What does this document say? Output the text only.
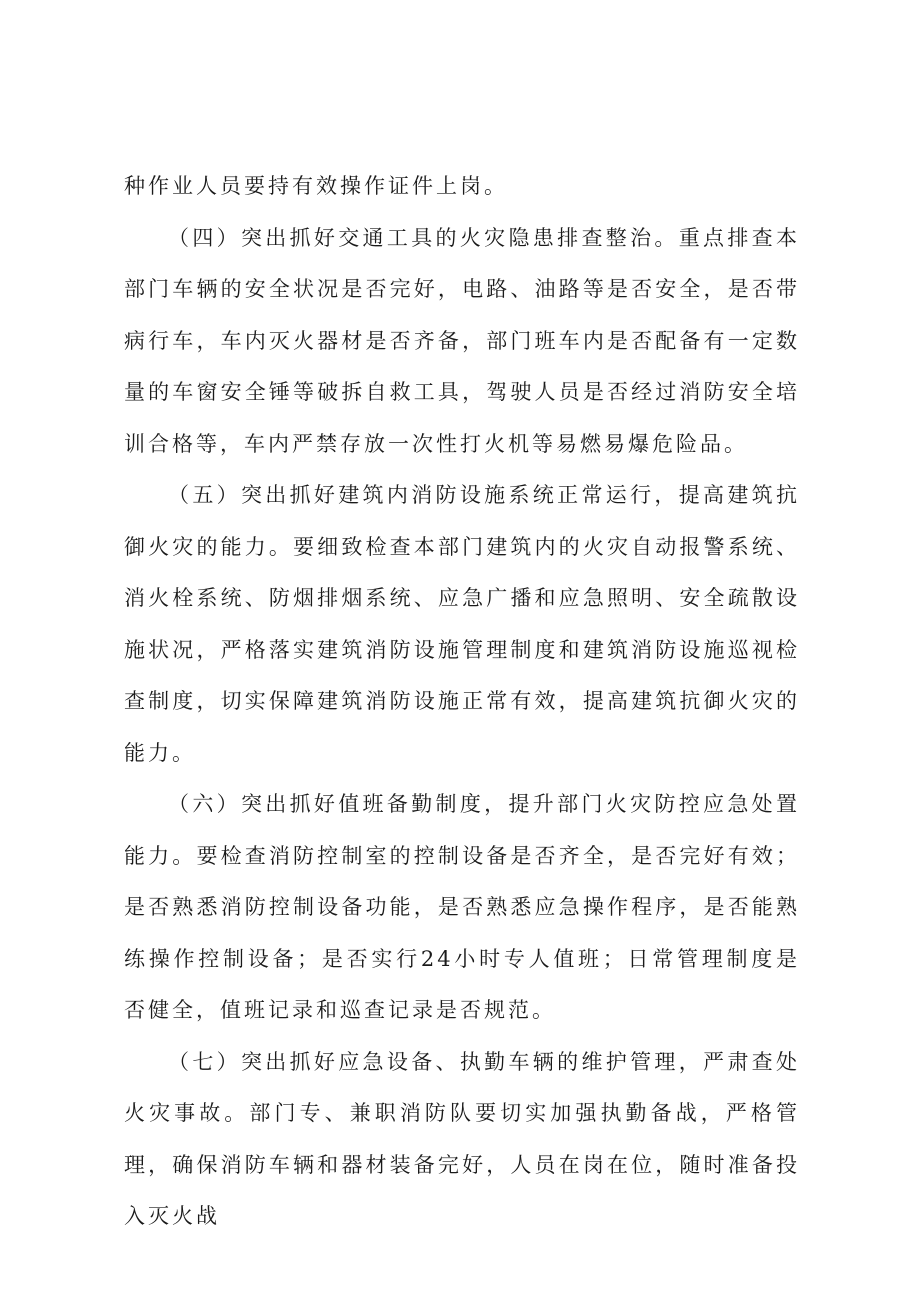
种作业人员要持有效操作证件上岗。

（四）突出抓好交通工具的火灾隐患排查整治。重点排查本部门车辆的安全状况是否完好，电路、油路等是否安全，是否带病行车，车内灭火器材是否齐备，部门班车内是否配备有一定数量的车窗安全锤等破拆自救工具，驾驶人员是否经过消防安全培训合格等，车内严禁存放一次性打火机等易燃易爆危险品。

（五）突出抓好建筑内消防设施系统正常运行，提高建筑抗御火灾的能力。要细致检查本部门建筑内的火灾自动报警系统、消火栓系统、防烟排烟系统、应急广播和应急照明、安全疏散设施状况，严格落实建筑消防设施管理制度和建筑消防设施巡视检查制度，切实保障建筑消防设施正常有效，提高建筑抗御火灾的能力。

（六）突出抓好值班备勤制度，提升部门火灾防控应急处置能力。要检查消防控制室的控制设备是否齐全，是否完好有效；是否熟悉消防控制设备功能，是否熟悉应急操作程序，是否能熟练操作控制设备；是否实行24小时专人值班；日常管理制度是否健全，值班记录和巡查记录是否规范。

（七）突出抓好应急设备、执勤车辆的维护管理，严肃查处火灾事故。部门专、兼职消防队要切实加强执勤备战，严格管理，确保消防车辆和器材装备完好，人员在岗在位，随时准备投入灭火战
